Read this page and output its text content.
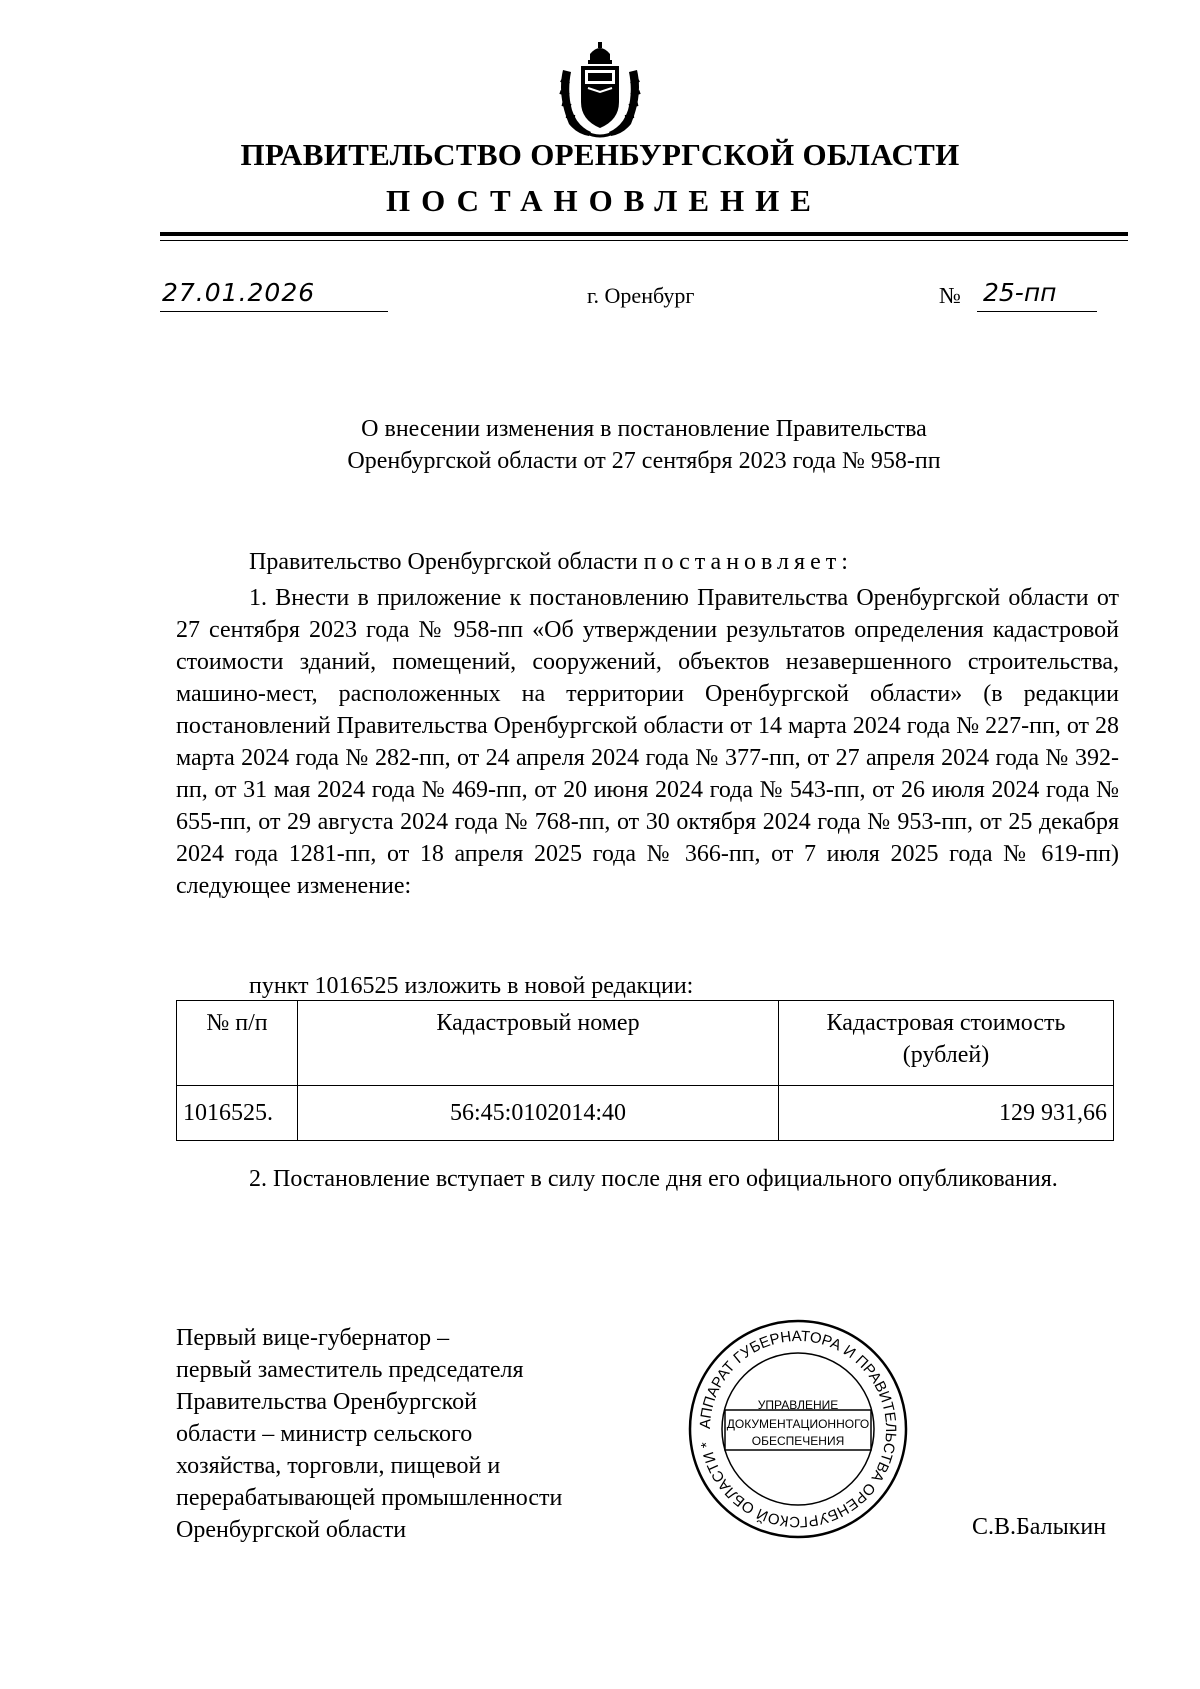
ПРАВИТЕЛЬСТВО ОРЕНБУРГСКОЙ ОБЛАСТИ
ПОСТАНОВЛЕНИЕ
27.01.2026	г. Оренбург	№ 25-пп
О внесении изменения в постановление Правительства
Оренбургской области от 27 сентября 2023 года № 958-пп
Правительство Оренбургской области постановляет:
1. Внести в приложение к постановлению Правительства Оренбургской области от 27 сентября 2023 года № 958-пп «Об утверждении результатов определения кадастровой стоимости зданий, помещений, сооружений, объектов незавершенного строительства, машино-мест, расположенных на территории Оренбургской области» (в редакции постановлений Правительства Оренбургской области от 14 марта 2024 года № 227-пп, от 28 марта 2024 года № 282-пп, от 24 апреля 2024 года № 377-пп, от 27 апреля 2024 года № 392-пп, от 31 мая 2024 года № 469-пп, от 20 июня 2024 года № 543-пп, от 26 июля 2024 года № 655-пп, от 29 августа 2024 года № 768-пп, от 30 октября 2024 года № 953-пп, от 25 декабря 2024 года 1281-пп, от 18 апреля 2025 года № 366-пп, от 7 июля 2025 года № 619-пп) следующее изменение:
пункт 1016525 изложить в новой редакции:
№ п/п	Кадастровый номер	Кадастровая стоимость
(рублей)

1016525.	56:45:0102014:40	129 931,66
2. Постановление вступает в силу после дня его официального опубликования.
Первый вице-губернатор –
первый заместитель председателя
Правительства Оренбургской
области – министр сельского
хозяйства, торговли, пищевой и
перерабатывающей промышленности
Оренбургской области
АППАРАТ ГУБЕРНАТОРА И ПРАВИТЕЛЬСТВА ОРЕНБУРГСКОЙ ОБЛАСТИ *
УПРАВЛЕНИЕ
ДОКУМЕНТАЦИОННОГО
ОБЕСПЕЧЕНИЯ
С.В.Балыкин
